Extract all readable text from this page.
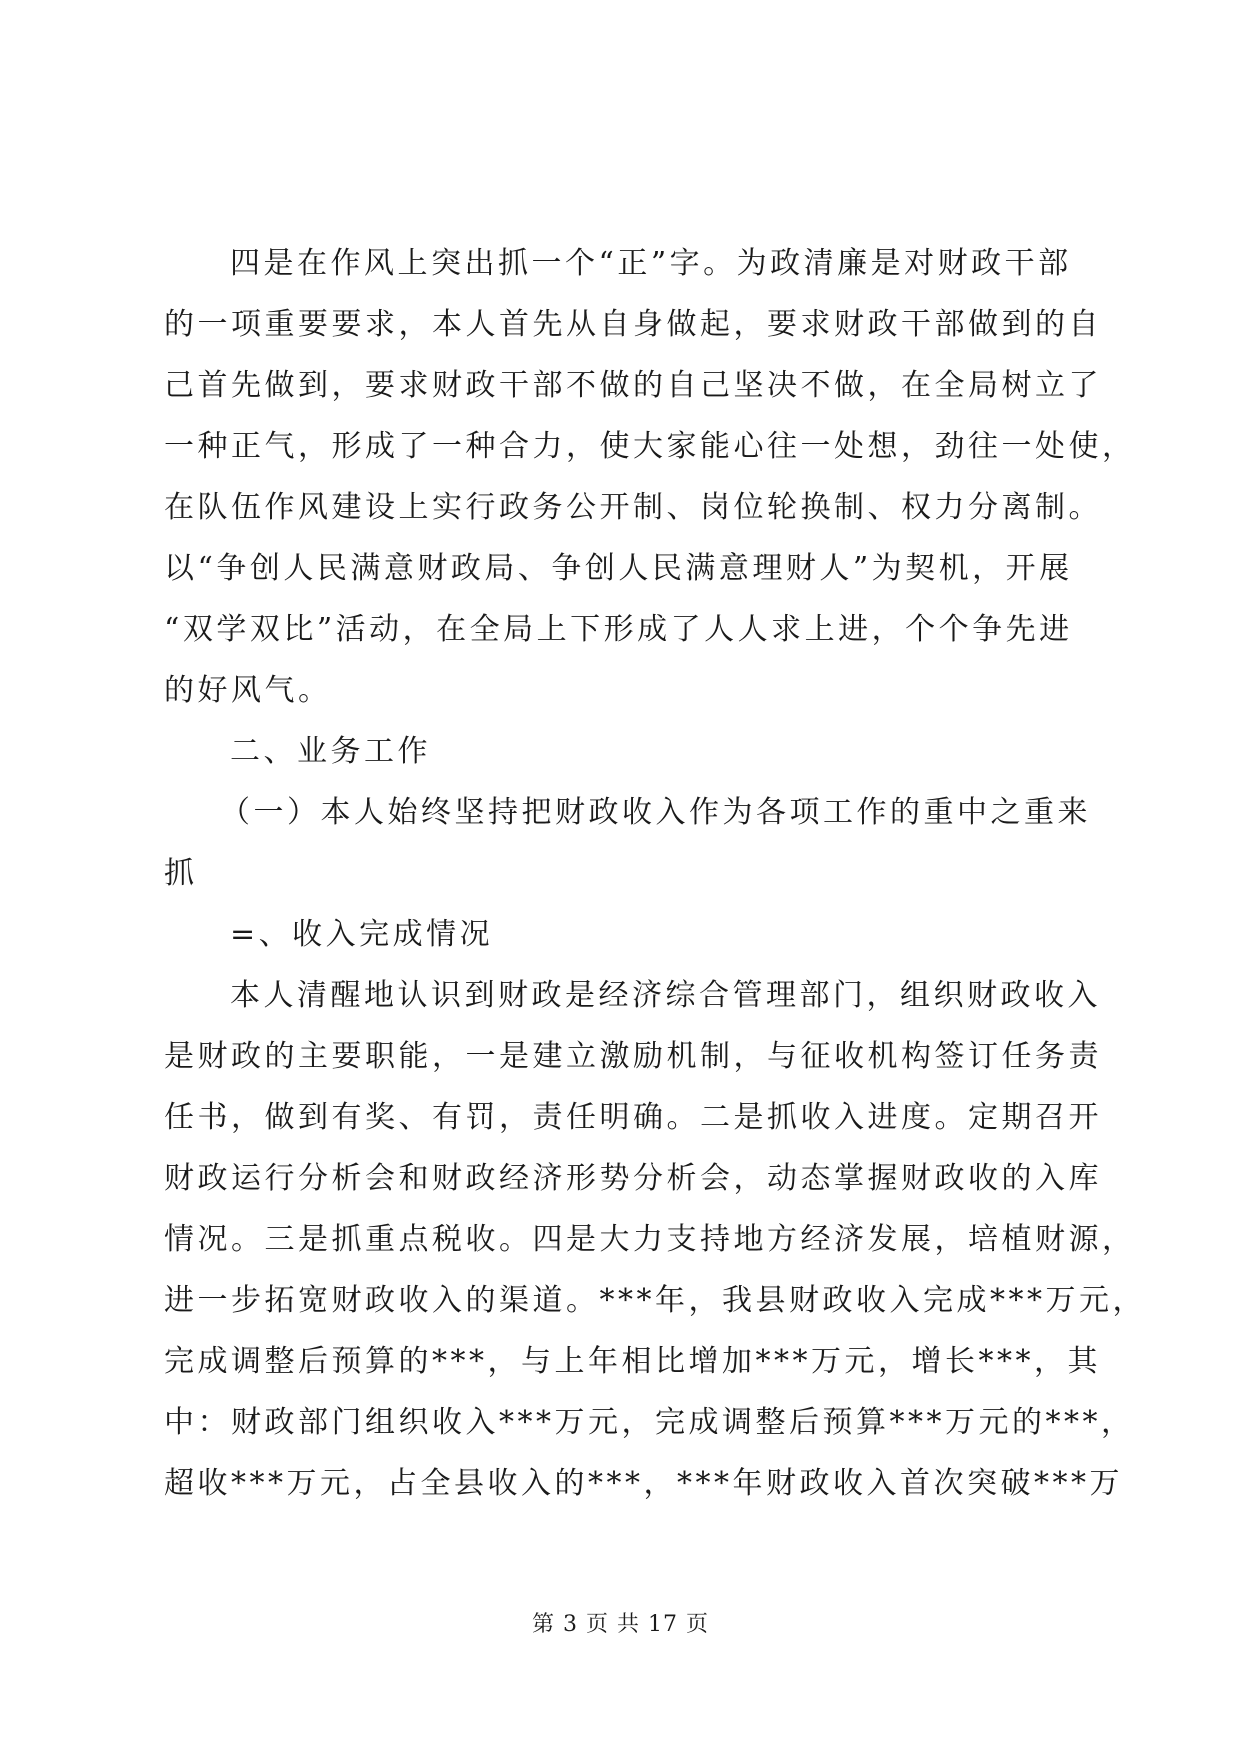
四是在作风上突出抓一个“正”字。为政清廉是对财政干部
的一项重要要求，本人首先从自身做起，要求财政干部做到的自
己首先做到，要求财政干部不做的自己坚决不做，在全局树立了
一种正气，形成了一种合力，使大家能心往一处想，劲往一处使，
在队伍作风建设上实行政务公开制、岗位轮换制、权力分离制。
以“争创人民满意财政局、争创人民满意理财人”为契机，开展
“双学双比”活动，在全局上下形成了人人求上进，个个争先进
的好风气。
二、业务工作
（一）本人始终坚持把财政收入作为各项工作的重中之重来
抓
=、收入完成情况
本人清醒地认识到财政是经济综合管理部门，组织财政收入
是财政的主要职能，一是建立激励机制，与征收机构签订任务责
任书，做到有奖、有罚，责任明确。二是抓收入进度。定期召开
财政运行分析会和财政经济形势分析会，动态掌握财政收的入库
情况。三是抓重点税收。四是大力支持地方经济发展，培植财源，
进一步拓宽财政收入的渠道。***年，我县财政收入完成***万元，
完成调整后预算的***，与上年相比增加***万元，增长***，其
中：财政部门组织收入***万元，完成调整后预算***万元的***，
超收***万元，占全县收入的***，***年财政收入首次突破***万
第 3 页 共 17 页
